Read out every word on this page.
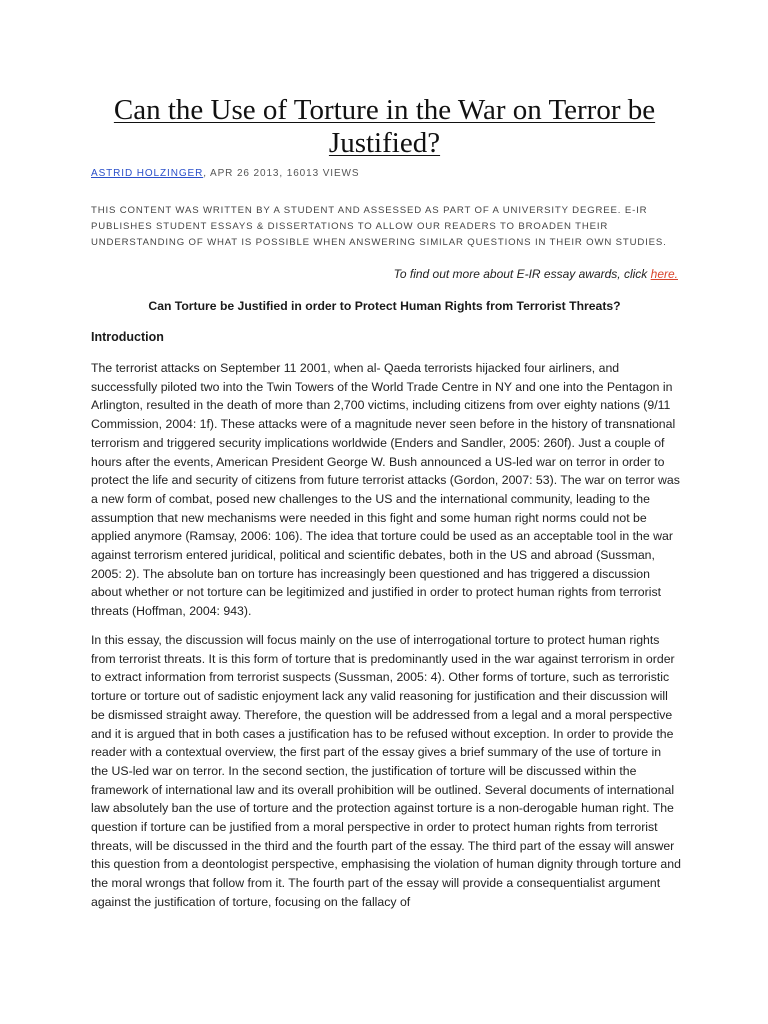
Can the Use of Torture in the War on Terror be Justified?
ASTRID HOLZINGER, APR 26 2013, 16013 VIEWS

THIS CONTENT WAS WRITTEN BY A STUDENT AND ASSESSED AS PART OF A UNIVERSITY DEGREE. E-IR PUBLISHES STUDENT ESSAYS & DISSERTATIONS TO ALLOW OUR READERS TO BROADEN THEIR UNDERSTANDING OF WHAT IS POSSIBLE WHEN ANSWERING SIMILAR QUESTIONS IN THEIR OWN STUDIES.

To find out more about E-IR essay awards, click here.

Can Torture be Justified in order to Protect Human Rights from Terrorist Threats?

Introduction

The terrorist attacks on September 11 2001, when al- Qaeda terrorists hijacked four airliners, and successfully piloted two into the Twin Towers of the World Trade Centre in NY and one into the Pentagon in Arlington, resulted in the death of more than 2,700 victims, including citizens from over eighty nations (9/11 Commission, 2004: 1f). These attacks were of a magnitude never seen before in the history of transnational terrorism and triggered security implications worldwide (Enders and Sandler, 2005: 260f). Just a couple of hours after the events, American President George W. Bush announced a US-led war on terror in order to protect the life and security of citizens from future terrorist attacks (Gordon, 2007: 53). The war on terror was a new form of combat, posed new challenges to the US and the international community, leading to the assumption that new mechanisms were needed in this fight and some human right norms could not be applied anymore (Ramsay, 2006: 106). The idea that torture could be used as an acceptable tool in the war against terrorism entered juridical, political and scientific debates, both in the US and abroad (Sussman, 2005: 2). The absolute ban on torture has increasingly been questioned and has triggered a discussion about whether or not torture can be legitimized and justified in order to protect human rights from terrorist threats (Hoffman, 2004: 943).

In this essay, the discussion will focus mainly on the use of interrogational torture to protect human rights from terrorist threats. It is this form of torture that is predominantly used in the war against terrorism in order to extract information from terrorist suspects (Sussman, 2005: 4). Other forms of torture, such as terroristic torture or torture out of sadistic enjoyment lack any valid reasoning for justification and their discussion will be dismissed straight away. Therefore, the question will be addressed from a legal and a moral perspective and it is argued that in both cases a justification has to be refused without exception. In order to provide the reader with a contextual overview, the first part of the essay gives a brief summary of the use of torture in the US-led war on terror. In the second section, the justification of torture will be discussed within the framework of international law and its overall prohibition will be outlined. Several documents of international law absolutely ban the use of torture and the protection against torture is a non-derogable human right. The question if torture can be justified from a moral perspective in order to protect human rights from terrorist threats, will be discussed in the third and the fourth part of the essay. The third part of the essay will answer this question from a deontologist perspective, emphasising the violation of human dignity through torture and the moral wrongs that follow from it. The fourth part of the essay will provide a consequentialist argument against the justification of torture, focusing on the fallacy of
